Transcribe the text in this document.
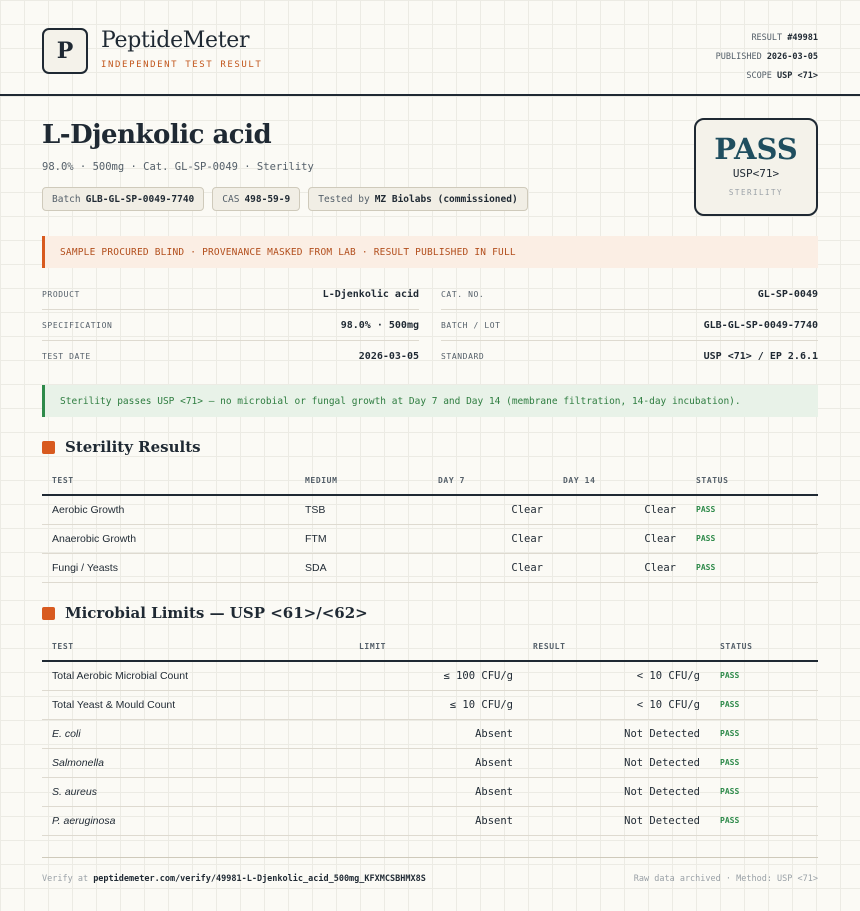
P	PeptideMeter
INDEPENDENT TEST RESULT
RESULT #49981
PUBLISHED 2026-03-05
SCOPE USP <71>
L-Djenkolic acid
98.0% · 500mg · Cat. GL-SP-0049 · Sterility
Batch GLB-GL-SP-0049-7740	CAS 498-59-9	Tested by MZ Biolabs (commissioned)
PASS
USP<71>
STERILITY
SAMPLE PROCURED BLIND · PROVENANCE MASKED FROM LAB · RESULT PUBLISHED IN FULL
PRODUCT	L-Djenkolic acid	CAT. NO.	GL-SP-0049
SPECIFICATION	98.0% · 500mg	BATCH / LOT	GLB-GL-SP-0049-7740
TEST DATE	2026-03-05	STANDARD	USP <71> / EP 2.6.1
Sterility passes USP <71> — no microbial or fungal growth at Day 7 and Day 14 (membrane filtration, 14-day incubation).
Sterility Results
TEST	MEDIUM	DAY 7	DAY 14	STATUS
Aerobic Growth	TSB	Clear	Clear	PASS
Anaerobic Growth	FTM	Clear	Clear	PASS
Fungi / Yeasts	SDA	Clear	Clear	PASS
Microbial Limits — USP <61>/<62>
TEST	LIMIT	RESULT	STATUS
Total Aerobic Microbial Count	≤ 100 CFU/g	< 10 CFU/g	PASS
Total Yeast & Mould Count	≤ 10 CFU/g	< 10 CFU/g	PASS
E. coli	Absent	Not Detected	PASS
Salmonella	Absent	Not Detected	PASS
S. aureus	Absent	Not Detected	PASS
P. aeruginosa	Absent	Not Detected	PASS
Verify at peptidemeter.com/verify/49981-L-Djenkolic_acid_500mg_KFXMCSBHMX8S	Raw data archived · Method: USP <71>
